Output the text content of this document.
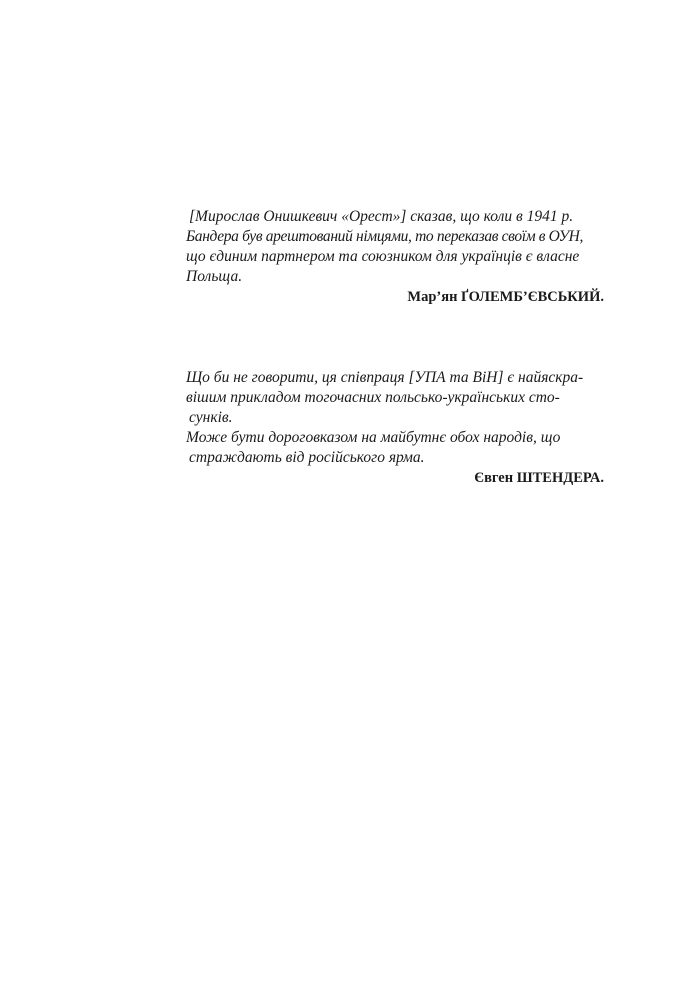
[Мирослав Онишкевич «Орест»] сказав, що коли в 1941 р.
Бандера був арештований німцями, то переказав своїм в ОУН,
що єдиним партнером та союзником для українців є власне
Польща.
Мар’ян ҐОЛЕМБ’ЄВСЬКИЙ.
Що би не говорити, ця співпраця [УПА та ВіН] є найяскра-
вішим прикладом тогочасних польсько-українських сто-
сунків.
Може бути дороговказом на майбутнє обох народів, що
страждають від російського ярма.
Євген ШТЕНДЕРА.
